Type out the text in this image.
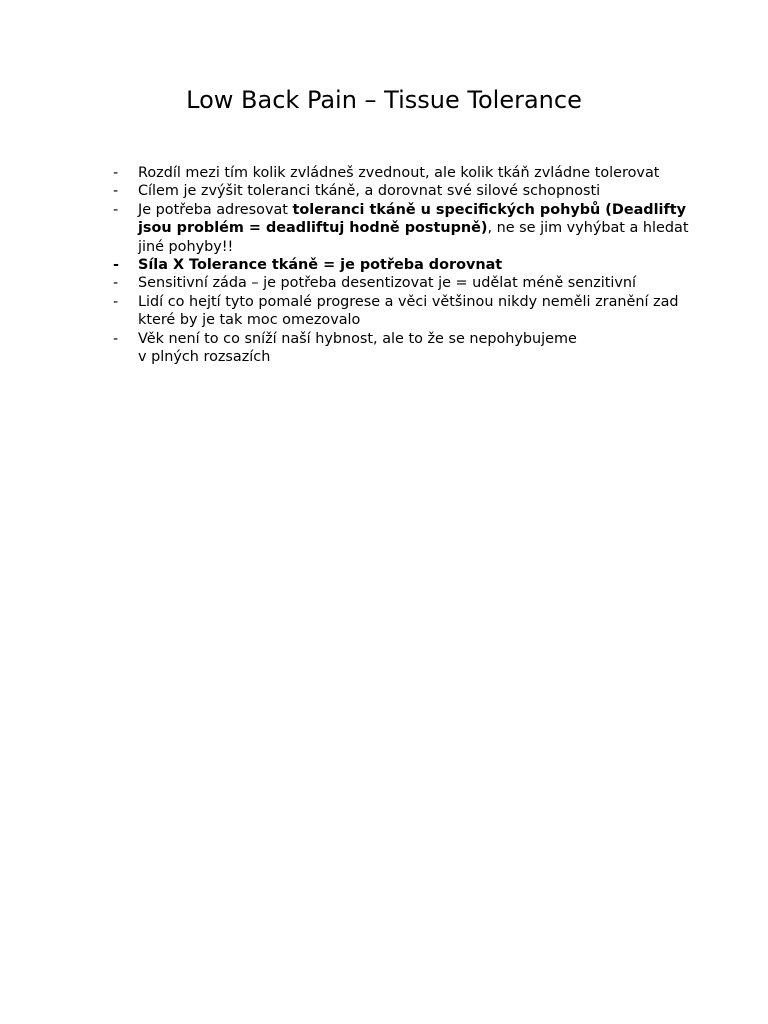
Low Back Pain – Tissue Tolerance
-	Rozdíl mezi tím kolik zvládneš zvednout, ale kolik tkáň zvládne tolerovat
-	Cílem je zvýšit toleranci tkáně, a dorovnat své silové schopnosti
-	Je potřeba adresovat toleranci tkáně u specifických pohybů (Deadlifty jsou problém = deadliftuj hodně postupně), ne se jim vyhýbat a hledat jiné pohyby!!
-	Síla X Tolerance tkáně = je potřeba dorovnat
-	Sensitivní záda – je potřeba desentizovat je = udělat méně senzitivní
-	Lidí co hejtí tyto pomalé progrese a věci většinou nikdy neměli zranění zad které by je tak moc omezovalo
-	Věk není to co sníží naší hybnost, ale to že se nepohybujeme
v plných rozsazích
